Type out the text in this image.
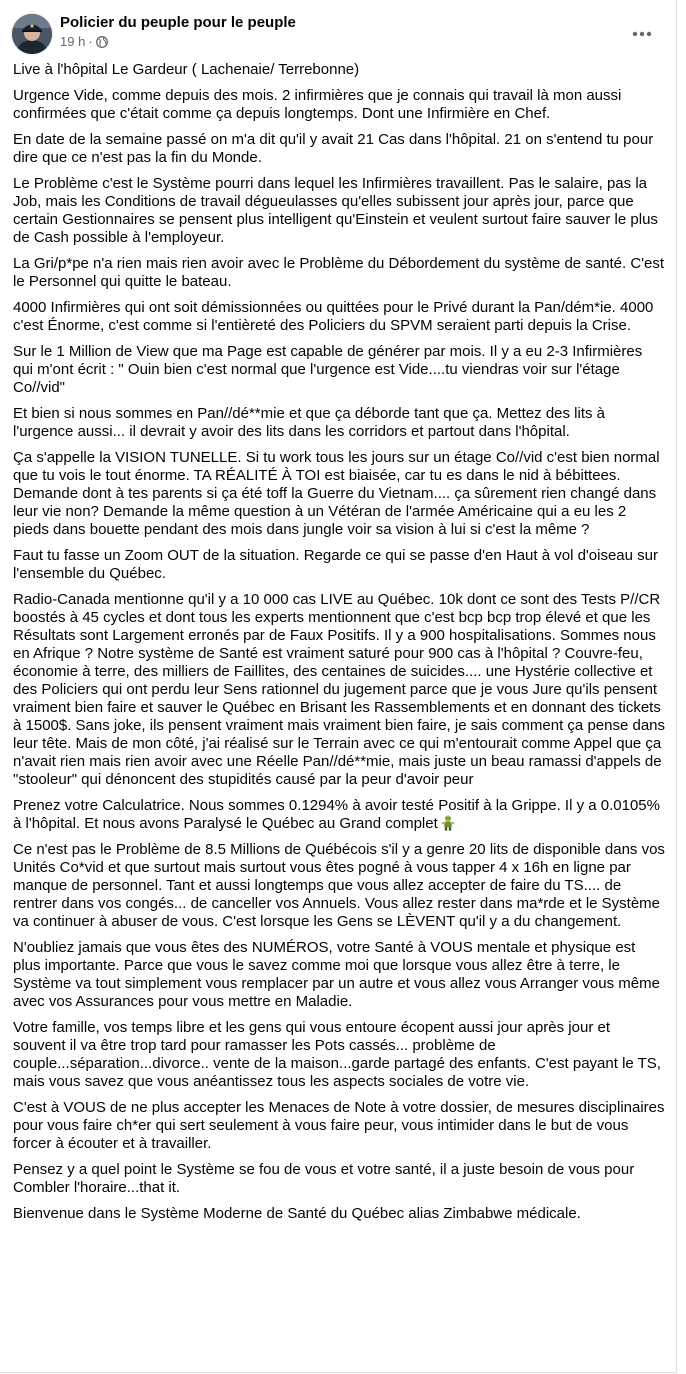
Policier du peuple pour le peuple
19 h ·

Live à l'hôpital Le Gardeur ( Lachenaie/ Terrebonne)

Urgence Vide, comme depuis des mois. 2 infirmières que je connais qui travail là mon aussi confirmées que c'était comme ça depuis longtemps. Dont une Infirmière en Chef.

En date de la semaine passé on m'a dit qu'il y avait 21 Cas dans l'hôpital. 21 on s'entend tu pour dire que ce n'est pas la fin du Monde.

Le Problème c'est le Système pourri dans lequel les Infirmières travaillent. Pas le salaire, pas la Job, mais les Conditions de travail dégueulasses qu'elles subissent jour après jour, parce que certain Gestionnaires se pensent plus intelligent qu'Einstein et veulent surtout faire sauver le plus de Cash possible à l'employeur.

La Gri/p*pe n'a rien mais rien avoir avec le Problème du Débordement du système de santé. C'est le Personnel qui quitte le bateau.

4000 Infirmières qui ont soit démissionnées ou quittées pour le Privé durant la Pan/dém*ie. 4000 c'est Énorme, c'est comme si l'entièreté des Policiers du SPVM seraient parti depuis la Crise.

Sur le 1 Million de View que ma Page est capable de générer par mois. Il y a eu 2-3 Infirmières qui m'ont écrit : " Ouin bien c'est normal que l'urgence est Vide....tu viendras voir sur l'étage Co//vid"

Et bien si nous sommes en Pan//dé**mie et que ça déborde tant que ça. Mettez des lits à l'urgence aussi... il devrait y avoir des lits dans les corridors et partout dans l'hôpital.

Ça s'appelle la VISION TUNELLE. Si tu work tous les jours sur un étage Co//vid c'est bien normal que tu vois le tout énorme. TA RÉALITÉ À TOI est biaisée, car tu es dans le nid à bébittees. Demande dont à tes parents si ça été toff la Guerre du Vietnam.... ça sûrement rien changé dans leur vie non? Demande la même question à un Vétéran de l'armée Américaine qui a eu les 2 pieds dans bouette pendant des mois dans jungle voir sa vision à lui si c'est la même ?

Faut tu fasse un Zoom OUT de la situation. Regarde ce qui se passe d'en Haut à vol d'oiseau sur l'ensemble du Québec.

Radio-Canada mentionne qu'il y a 10 000 cas LIVE au Québec. 10k dont ce sont des Tests P//CR boostés à 45 cycles et dont tous les experts mentionnent que c'est bcp bcp trop élevé et que les Résultats sont Largement erronés par de Faux Positifs. Il y a 900 hospitalisations. Sommes nous en Afrique ? Notre système de Santé est vraiment saturé pour 900 cas à l'hôpital ? Couvre-feu, économie à terre, des milliers de Faillites, des centaines de suicides.... une Hystérie collective et des Policiers qui ont perdu leur Sens rationnel du jugement parce que je vous Jure qu'ils pensent vraiment bien faire et sauver le Québec en Brisant les Rassemblements et en donnant des tickets à 1500$. Sans joke, ils pensent vraiment mais vraiment bien faire, je sais comment ça pense dans leur tête. Mais de mon côté, j'ai réalisé sur le Terrain avec ce qui m'entourait comme Appel que ça n'avait rien mais rien avoir avec une Réelle Pan//dé**mie, mais juste un beau ramassi d'appels de "stooleur" qui dénoncent des stupidités causé par la peur d'avoir peur

Prenez votre Calculatrice. Nous sommes 0.1294% à avoir testé Positif à la Grippe. Il y a 0.0105% à l'hôpital. Et nous avons Paralysé le Québec au Grand complet

Ce n'est pas le Problème de 8.5 Millions de Québécois s'il y a genre 20 lits de disponible dans vos Unités Co*vid et que surtout mais surtout vous êtes pogné à vous tapper 4 x 16h en ligne par manque de personnel. Tant et aussi longtemps que vous allez accepter de faire du TS.... de rentrer dans vos congés... de canceller vos Annuels. Vous allez rester dans ma*rde et le Système va continuer à abuser de vous. C'est lorsque les Gens se LÈVENT qu'il y a du changement.

N'oubliez jamais que vous êtes des NUMÉROS, votre Santé à VOUS mentale et physique est plus importante. Parce que vous le savez comme moi que lorsque vous allez être à terre, le Système va tout simplement vous remplacer par un autre et vous allez vous Arranger vous même avec vos Assurances pour vous mettre en Maladie.

Votre famille, vos temps libre et les gens qui vous entoure écopent aussi jour après jour et souvent il va être trop tard pour ramasser les Pots cassés... problème de couple...séparation...divorce.. vente de la maison...garde partagé des enfants. C'est payant le TS, mais vous savez que vous anéantissez tous les aspects sociales de votre vie.

C'est à VOUS de ne plus accepter les Menaces de Note à votre dossier, de mesures disciplinaires pour vous faire ch*er qui sert seulement à vous faire peur, vous intimider dans le but de vous forcer à écouter et à travailler.

Pensez y a quel point le Système se fou de vous et votre santé, il a juste besoin de vous pour Combler l'horaire...that it.

Bienvenue dans le Système Moderne de Santé du Québec alias Zimbabwe médicale.
